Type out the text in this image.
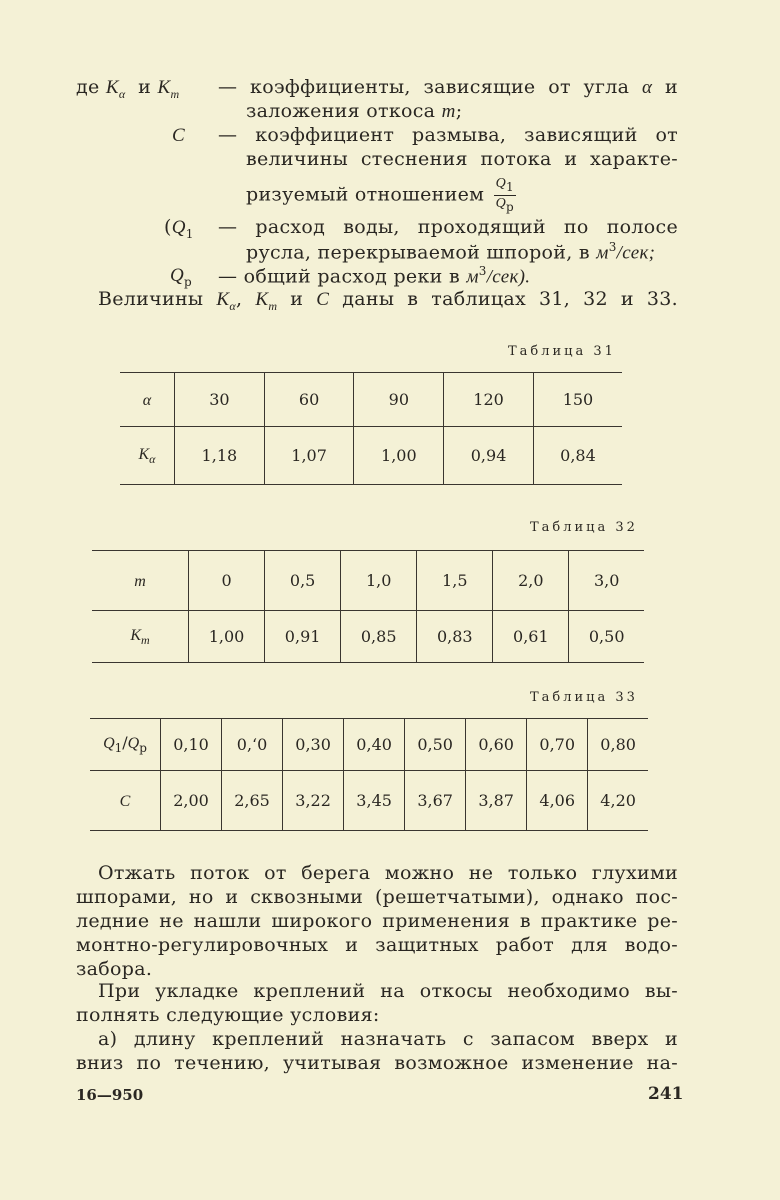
де $K_\alpha$ и $K_m$ — коэффициенты, зависящие от угла α и
заложения откоса m;
C — коэффициент размыва, зависящий от
величины стеснения потока и характе-
ризуемый отношением $\frac{Q_1}{Q_p}$
($Q_1$ — расход воды, проходящий по полосе
русла, перекрываемой шпорой, в $м^3$/сек;
$Q_р$ — общий расход реки в $м^3/сек$).
Величины $K_\alpha$, $K_m$ и C даны в таблицах 31, 32 и 33.
Таблица 31
α	30	60	90	120	150
$K_\alpha$	1,18	1,07	1,00	0,94	0,84
Таблица 32
m	0	0,5	1,0	1,5	2,0	3,0
$K_m$	1,00	0,91	0,85	0,83	0,61	0,50
Таблица 33
$Q_1/Q_p$	0,10	0,ʻ0	0,30	0,40	0,50	0,60	0,70	0,80
C	2,00	2,65	3,22	3,45	3,67	3,87	4,06	4,20
Отжать поток от берега можно не только глухими
шпорами, но и сквозными (решетчатыми), однако пос-
ледние не нашли широкого применения в практике ре-
монтно-регулировочных и защитных работ для водо-
забора.
При укладке креплений на откосы необходимо вы-
полнять следующие условия:
а) длину креплений назначать с запасом вверх и
вниз по течению, учитывая возможное изменение на-
16—950	241
